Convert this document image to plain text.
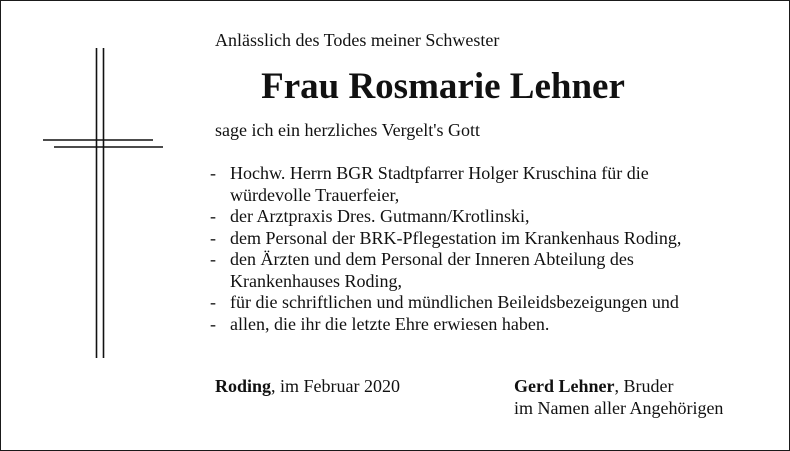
Anlässlich des Todes meiner Schwester
Frau Rosmarie Lehner
sage ich ein herzliches Vergelt's Gott
- Hochw. Herrn BGR Stadtpfarrer Holger Kruschina für die
würdevolle Trauerfeier,
- der Arztpraxis Dres. Gutmann/Krotlinski,
- dem Personal der BRK-Pflegestation im Krankenhaus Roding,
- den Ärzten und dem Personal der Inneren Abteilung des
Krankenhauses Roding,
- für die schriftlichen und mündlichen Beileidsbezeigungen und
- allen, die ihr die letzte Ehre erwiesen haben.
Roding, im Februar 2020	Gerd Lehner, Bruder
im Namen aller Angehörigen
